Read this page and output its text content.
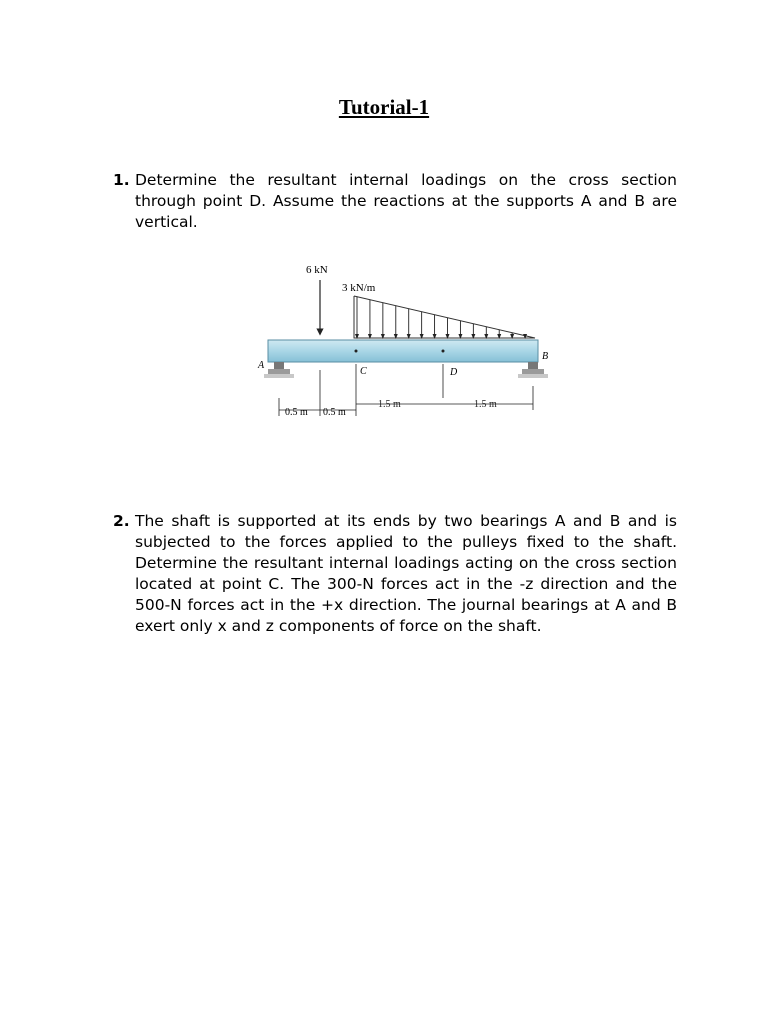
Tutorial-1
1. Determine the resultant internal loadings on the cross section through point D. Assume the reactions at the supports A and B are vertical.
6 kN
3 kN/m
A
B
C	D
0.5 m 0.5 m
1.5 m	1.5 m
2. The shaft is supported at its ends by two bearings A and B and is subjected to the forces applied to the pulleys fixed to the shaft. Determine the resultant internal loadings acting on the cross section located at point C. The 300-N forces act in the -z direction and the 500-N forces act in the +x direction. The journal bearings at A and B exert only x and z components of force on the shaft.
